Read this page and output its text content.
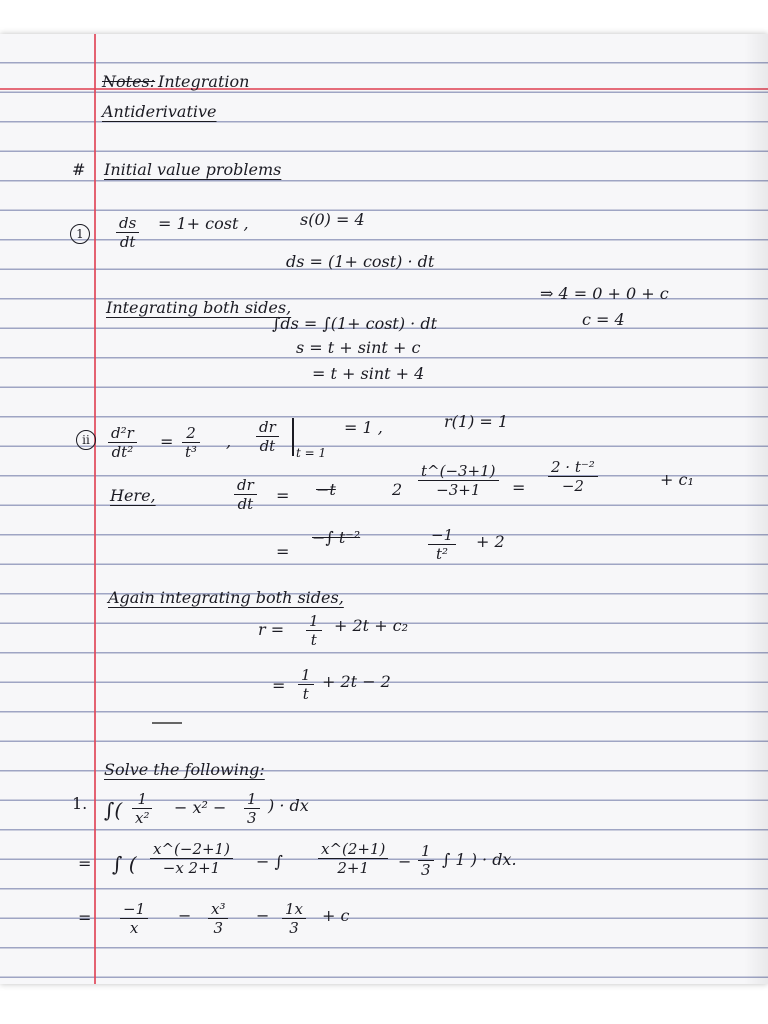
Notes: Integration
Antiderivative
# Initial value problems
1	$\frac{ds}{dt} = 1+ \cos t$ ,	s(0) = 4
ds = (1+ cost) · dt
Integrating both sides,
∫ds = ∫(1+ cost) · dt
s = t + sint + c
= t + sint + 4
⇒ 4 = 0 + 0 + c
c = 4
ii	$\frac{\text{d²r}}{\text{dt²}} = \frac{2}{\text{t³}}$ , $\frac{dr}{dt}$ t = 1
= 1 ,	r(1) = 1
Here,	$\frac{dr}{dt} = -t$	$2 \frac{t\^{}(-3+1)}{-3+1} = \frac{\text{2 · t⁻²}}{-2}$	+ c₁
=
−∫ t⁻²	$\frac{-1}{\text{t²}} + 2$
Again integrating both sides,
$r = \frac{1}{t} + 2t + c_2$
= $\frac{1}{t} + 2t - 2$
Solve the following:
1. ∫( $\frac{1}{\text{x²}} - x^2 - \frac{1}{3}$ ) · dx
= ∫ ( $\frac{x\^{}(-2+1)}{-x 2+1}$ − ∫ $\frac{x\^{}(2+1)}{2+1} - \frac{1}{3}$ ∫ 1 ) · dx.
= $\frac{-1}{x} - \frac{\text{x³}}{3} - \frac{1x}{3} + c$
